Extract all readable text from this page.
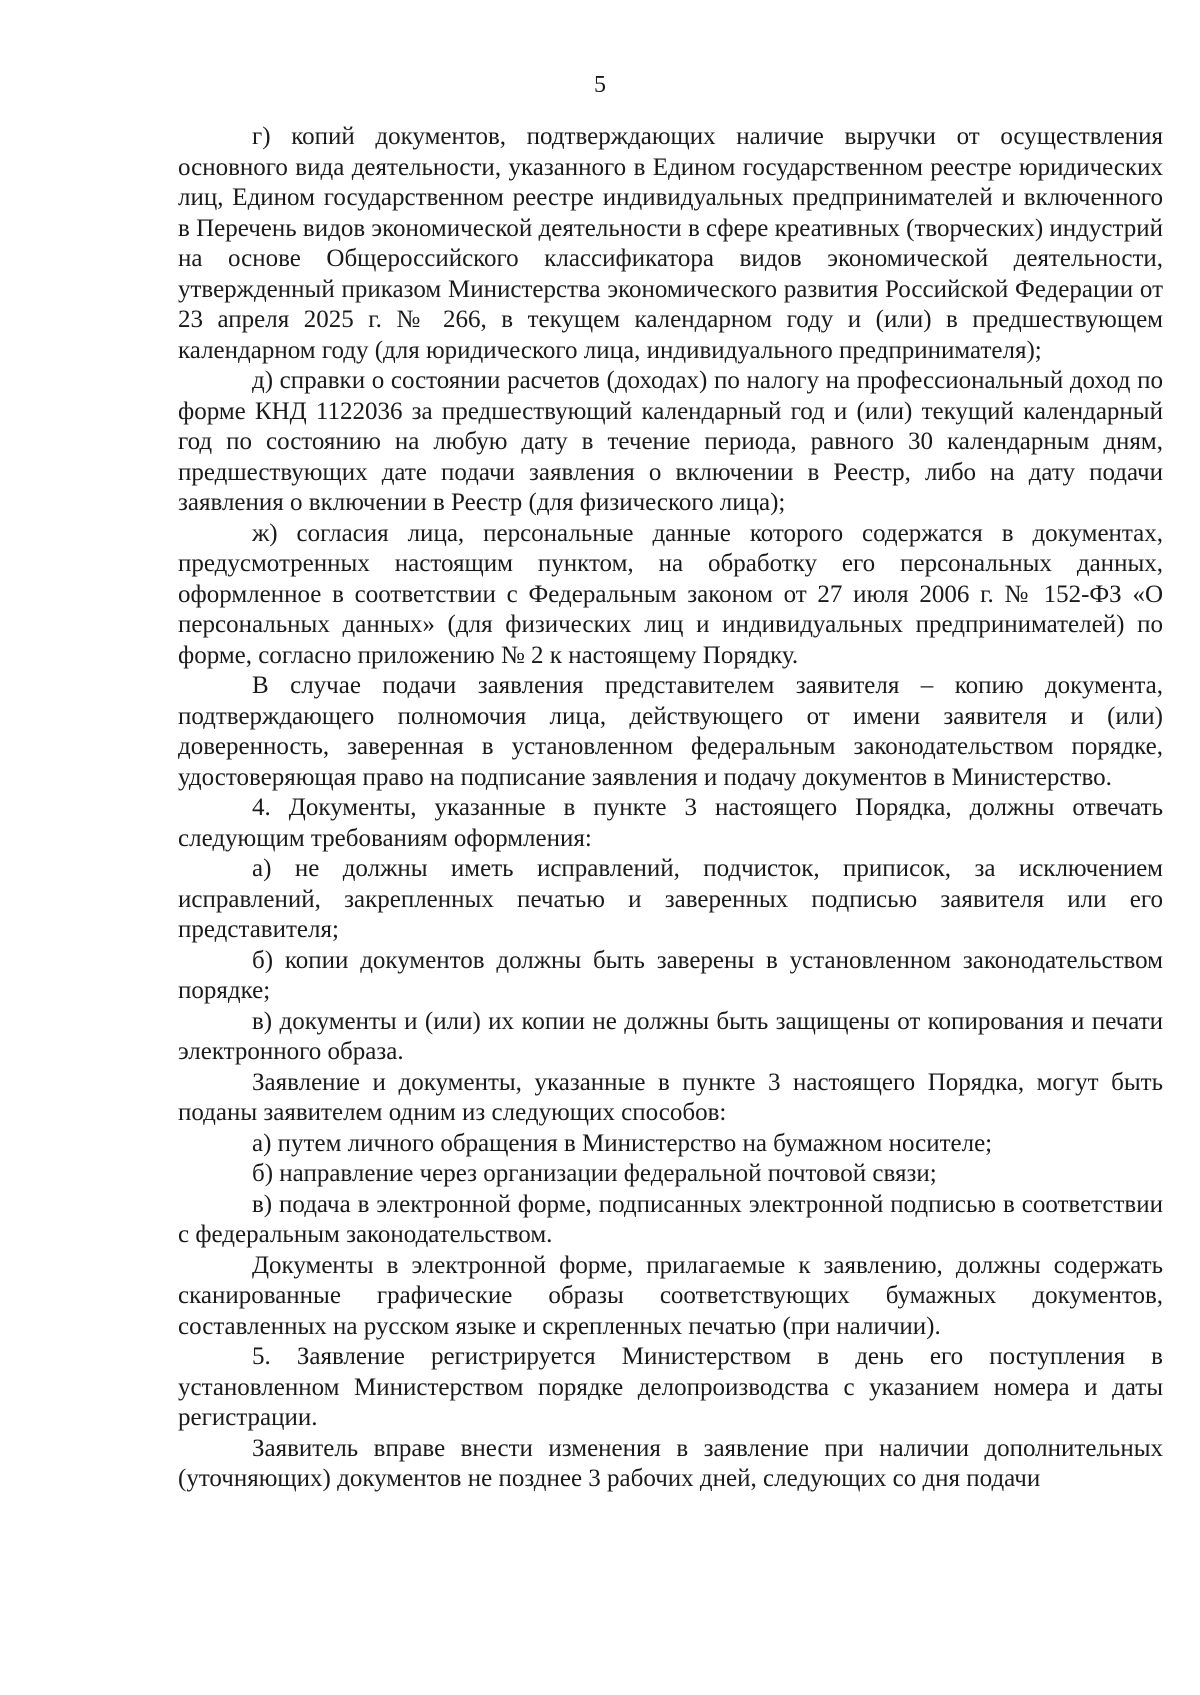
5

г) копий документов, подтверждающих наличие выручки от осуществления основного вида деятельности, указанного в Едином государственном реестре юридических лиц, Едином государственном реестре индивидуальных предпринимателей и включенного в Перечень видов экономической деятельности в сфере креативных (творческих) индустрий на основе Общероссийского классификатора видов экономической деятельности, утвержденный приказом Министерства экономического развития Российской Федерации от 23 апреля 2025 г. № 266, в текущем календарном году и (или) в предшествующем календарном году (для юридического лица, индивидуального предпринимателя);

д) справки о состоянии расчетов (доходах) по налогу на профессиональный доход по форме КНД 1122036 за предшествующий календарный год и (или) текущий календарный год по состоянию на любую дату в течение периода, равного 30 календарным дням, предшествующих дате подачи заявления о включении в Реестр, либо на дату подачи заявления о включении в Реестр (для физического лица);

ж) согласия лица, персональные данные которого содержатся в документах, предусмотренных настоящим пунктом, на обработку его персональных данных, оформленное в соответствии с Федеральным законом от 27 июля 2006 г. № 152-ФЗ «О персональных данных» (для физических лиц и индивидуальных предпринимателей) по форме, согласно приложению № 2 к настоящему Порядку.

В случае подачи заявления представителем заявителя – копию документа, подтверждающего полномочия лица, действующего от имени заявителя и (или) доверенность, заверенная в установленном федеральным законодательством порядке, удостоверяющая право на подписание заявления и подачу документов в Министерство.

4. Документы, указанные в пункте 3 настоящего Порядка, должны отвечать следующим требованиям оформления:

а) не должны иметь исправлений, подчисток, приписок, за исключением исправлений, закрепленных печатью и заверенных подписью заявителя или его представителя;

б) копии документов должны быть заверены в установленном законодательством порядке;

в) документы и (или) их копии не должны быть защищены от копирования и печати электронного образа.

Заявление и документы, указанные в пункте 3 настоящего Порядка, могут быть поданы заявителем одним из следующих способов:

а) путем личного обращения в Министерство на бумажном носителе;

б) направление через организации федеральной почтовой связи;

в) подача в электронной форме, подписанных электронной подписью в соответствии с федеральным законодательством.

Документы в электронной форме, прилагаемые к заявлению, должны содержать сканированные графические образы соответствующих бумажных документов, составленных на русском языке и скрепленных печатью (при наличии).

5. Заявление регистрируется Министерством в день его поступления в установленном Министерством порядке делопроизводства с указанием номера и даты регистрации.

Заявитель вправе внести изменения в заявление при наличии дополнительных (уточняющих) документов не позднее 3 рабочих дней, следующих со дня подачи
